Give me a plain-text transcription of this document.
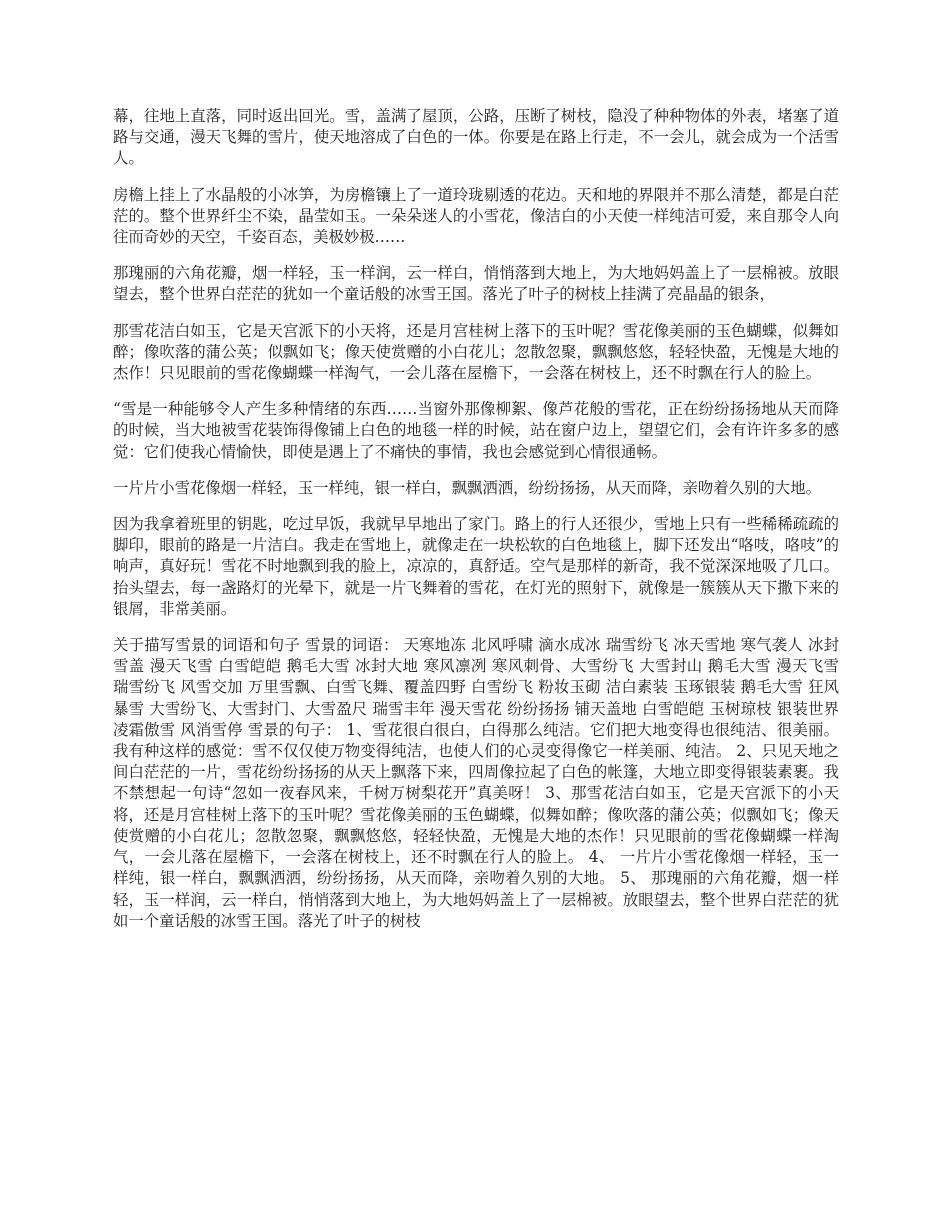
幕，往地上直落，同时返出回光。雪，盖满了屋顶，公路，压断了树枝，隐没了种种物体的外表，堵塞了道路与交通，漫天飞舞的雪片，使天地溶成了白色的一体。你要是在路上行走，不一会儿，就会成为一个活雪人。

房檐上挂上了水晶般的小冰笋，为房檐镶上了一道玲珑剔透的花边。天和地的界限并不那么清楚，都是白茫茫的。整个世界纤尘不染，晶莹如玉。一朵朵迷人的小雪花，像洁白的小天使一样纯洁可爱，来自那令人向往而奇妙的天空，千姿百态，美极妙极……

那瑰丽的六角花瓣，烟一样轻，玉一样润，云一样白，悄悄落到大地上，为大地妈妈盖上了一层棉被。放眼望去，整个世界白茫茫的犹如一个童话般的冰雪王国。落光了叶子的树枝上挂满了亮晶晶的银条，

那雪花洁白如玉，它是天宫派下的小天将，还是月宫桂树上落下的玉叶呢？雪花像美丽的玉色蝴蝶，似舞如醉；像吹落的蒲公英；似飘如飞；像天使赏赠的小白花儿；忽散忽聚，飘飘悠悠，轻轻快盈，无愧是大地的杰作！只见眼前的雪花像蝴蝶一样淘气，一会儿落在屋檐下，一会落在树枝上，还不时飘在行人的脸上。

“雪是一种能够令人产生多种情绪的东西……当窗外那像柳絮、像芦花般的雪花，正在纷纷扬扬地从天而降的时候，当大地被雪花装饰得像铺上白色的地毯一样的时候，站在窗户边上，望望它们，会有许许多多的感觉：它们使我心情愉快，即使是遇上了不痛快的事情，我也会感觉到心情很通畅。

一片片小雪花像烟一样轻，玉一样纯，银一样白，飘飘洒洒，纷纷扬扬，从天而降，亲吻着久别的大地。

因为我拿着班里的钥匙，吃过早饭，我就早早地出了家门。路上的行人还很少，雪地上只有一些稀稀疏疏的脚印，眼前的路是一片洁白。我走在雪地上，就像走在一块松软的白色地毯上，脚下还发出“咯吱，咯吱”的响声，真好玩！雪花不时地飘到我的脸上，凉凉的，真舒适。空气是那样的新奇，我不觉深深地吸了几口。抬头望去，每一盏路灯的光晕下，就是一片飞舞着的雪花，在灯光的照射下，就像是一簇簇从天下撒下来的银屑，非常美丽。

关于描写雪景的词语和句子 雪景的词语： 天寒地冻 北风呼啸 滴水成冰 瑞雪纷飞 冰天雪地 寒气袭人 冰封雪盖 漫天飞雪 白雪皑皑 鹅毛大雪 冰封大地 寒风凛冽 寒风刺骨、大雪纷飞 大雪封山 鹅毛大雪 漫天飞雪 瑞雪纷飞 风雪交加 万里雪飘、白雪飞舞、覆盖四野 白雪纷飞 粉妆玉砌 洁白素装 玉琢银装 鹅毛大雪 狂风暴雪 大雪纷飞、大雪封门、大雪盈尺 瑞雪丰年 漫天雪花 纷纷扬扬 铺天盖地 白雪皑皑 玉树琼枝 银装世界 凌霜傲雪 风消雪停 雪景的句子： 1、雪花很白很白，白得那么纯洁。它们把大地变得也很纯洁、很美丽。我有种这样的感觉：雪不仅仅使万物变得纯洁，也使人们的心灵变得像它一样美丽、纯洁。 2、只见天地之间白茫茫的一片，雪花纷纷扬扬的从天上飘落下来，四周像拉起了白色的帐篷，大地立即变得银装素裹。我不禁想起一句诗“忽如一夜春风来，千树万树梨花开”真美呀！ 3、那雪花洁白如玉，它是天宫派下的小天将，还是月宫桂树上落下的玉叶呢？雪花像美丽的玉色蝴蝶，似舞如醉；像吹落的蒲公英；似飘如飞；像天使赏赠的小白花儿；忽散忽聚，飘飘悠悠，轻轻快盈，无愧是大地的杰作！只见眼前的雪花像蝴蝶一样淘气，一会儿落在屋檐下，一会落在树枝上，还不时飘在行人的脸上。 4、 一片片小雪花像烟一样轻，玉一样纯，银一样白，飘飘洒洒，纷纷扬扬，从天而降，亲吻着久别的大地。 5、 那瑰丽的六角花瓣，烟一样轻，玉一样润，云一样白，悄悄落到大地上，为大地妈妈盖上了一层棉被。放眼望去，整个世界白茫茫的犹如一个童话般的冰雪王国。落光了叶子的树枝
